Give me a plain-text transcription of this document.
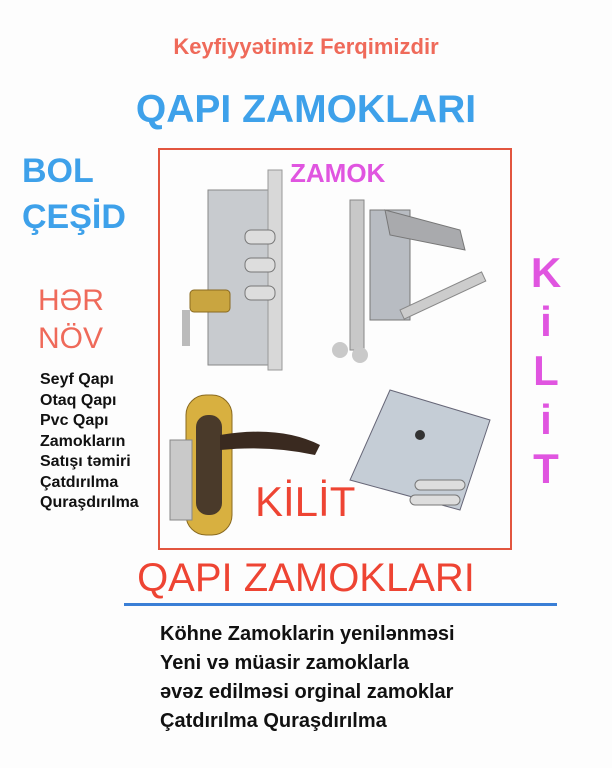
Keyfiyyətimiz Ferqimizdir
QAPI ZAMOKLARI
BOL
ÇEŞİD
HƏR
NÖV
Seyf Qapı
Otaq Qapı
Pvc Qapı
Zamokların
Satışı təmiri
Çatdırılma
Quraşdırılma
ZAMOK
KİLİT
K
i
L
i
T
QAPI ZAMOKLARI
Köhne Zamoklarin yenilənməsi
Yeni və müasir zamoklarla
əvəz edilməsi orginal zamoklar
Çatdırılma Quraşdırılma
